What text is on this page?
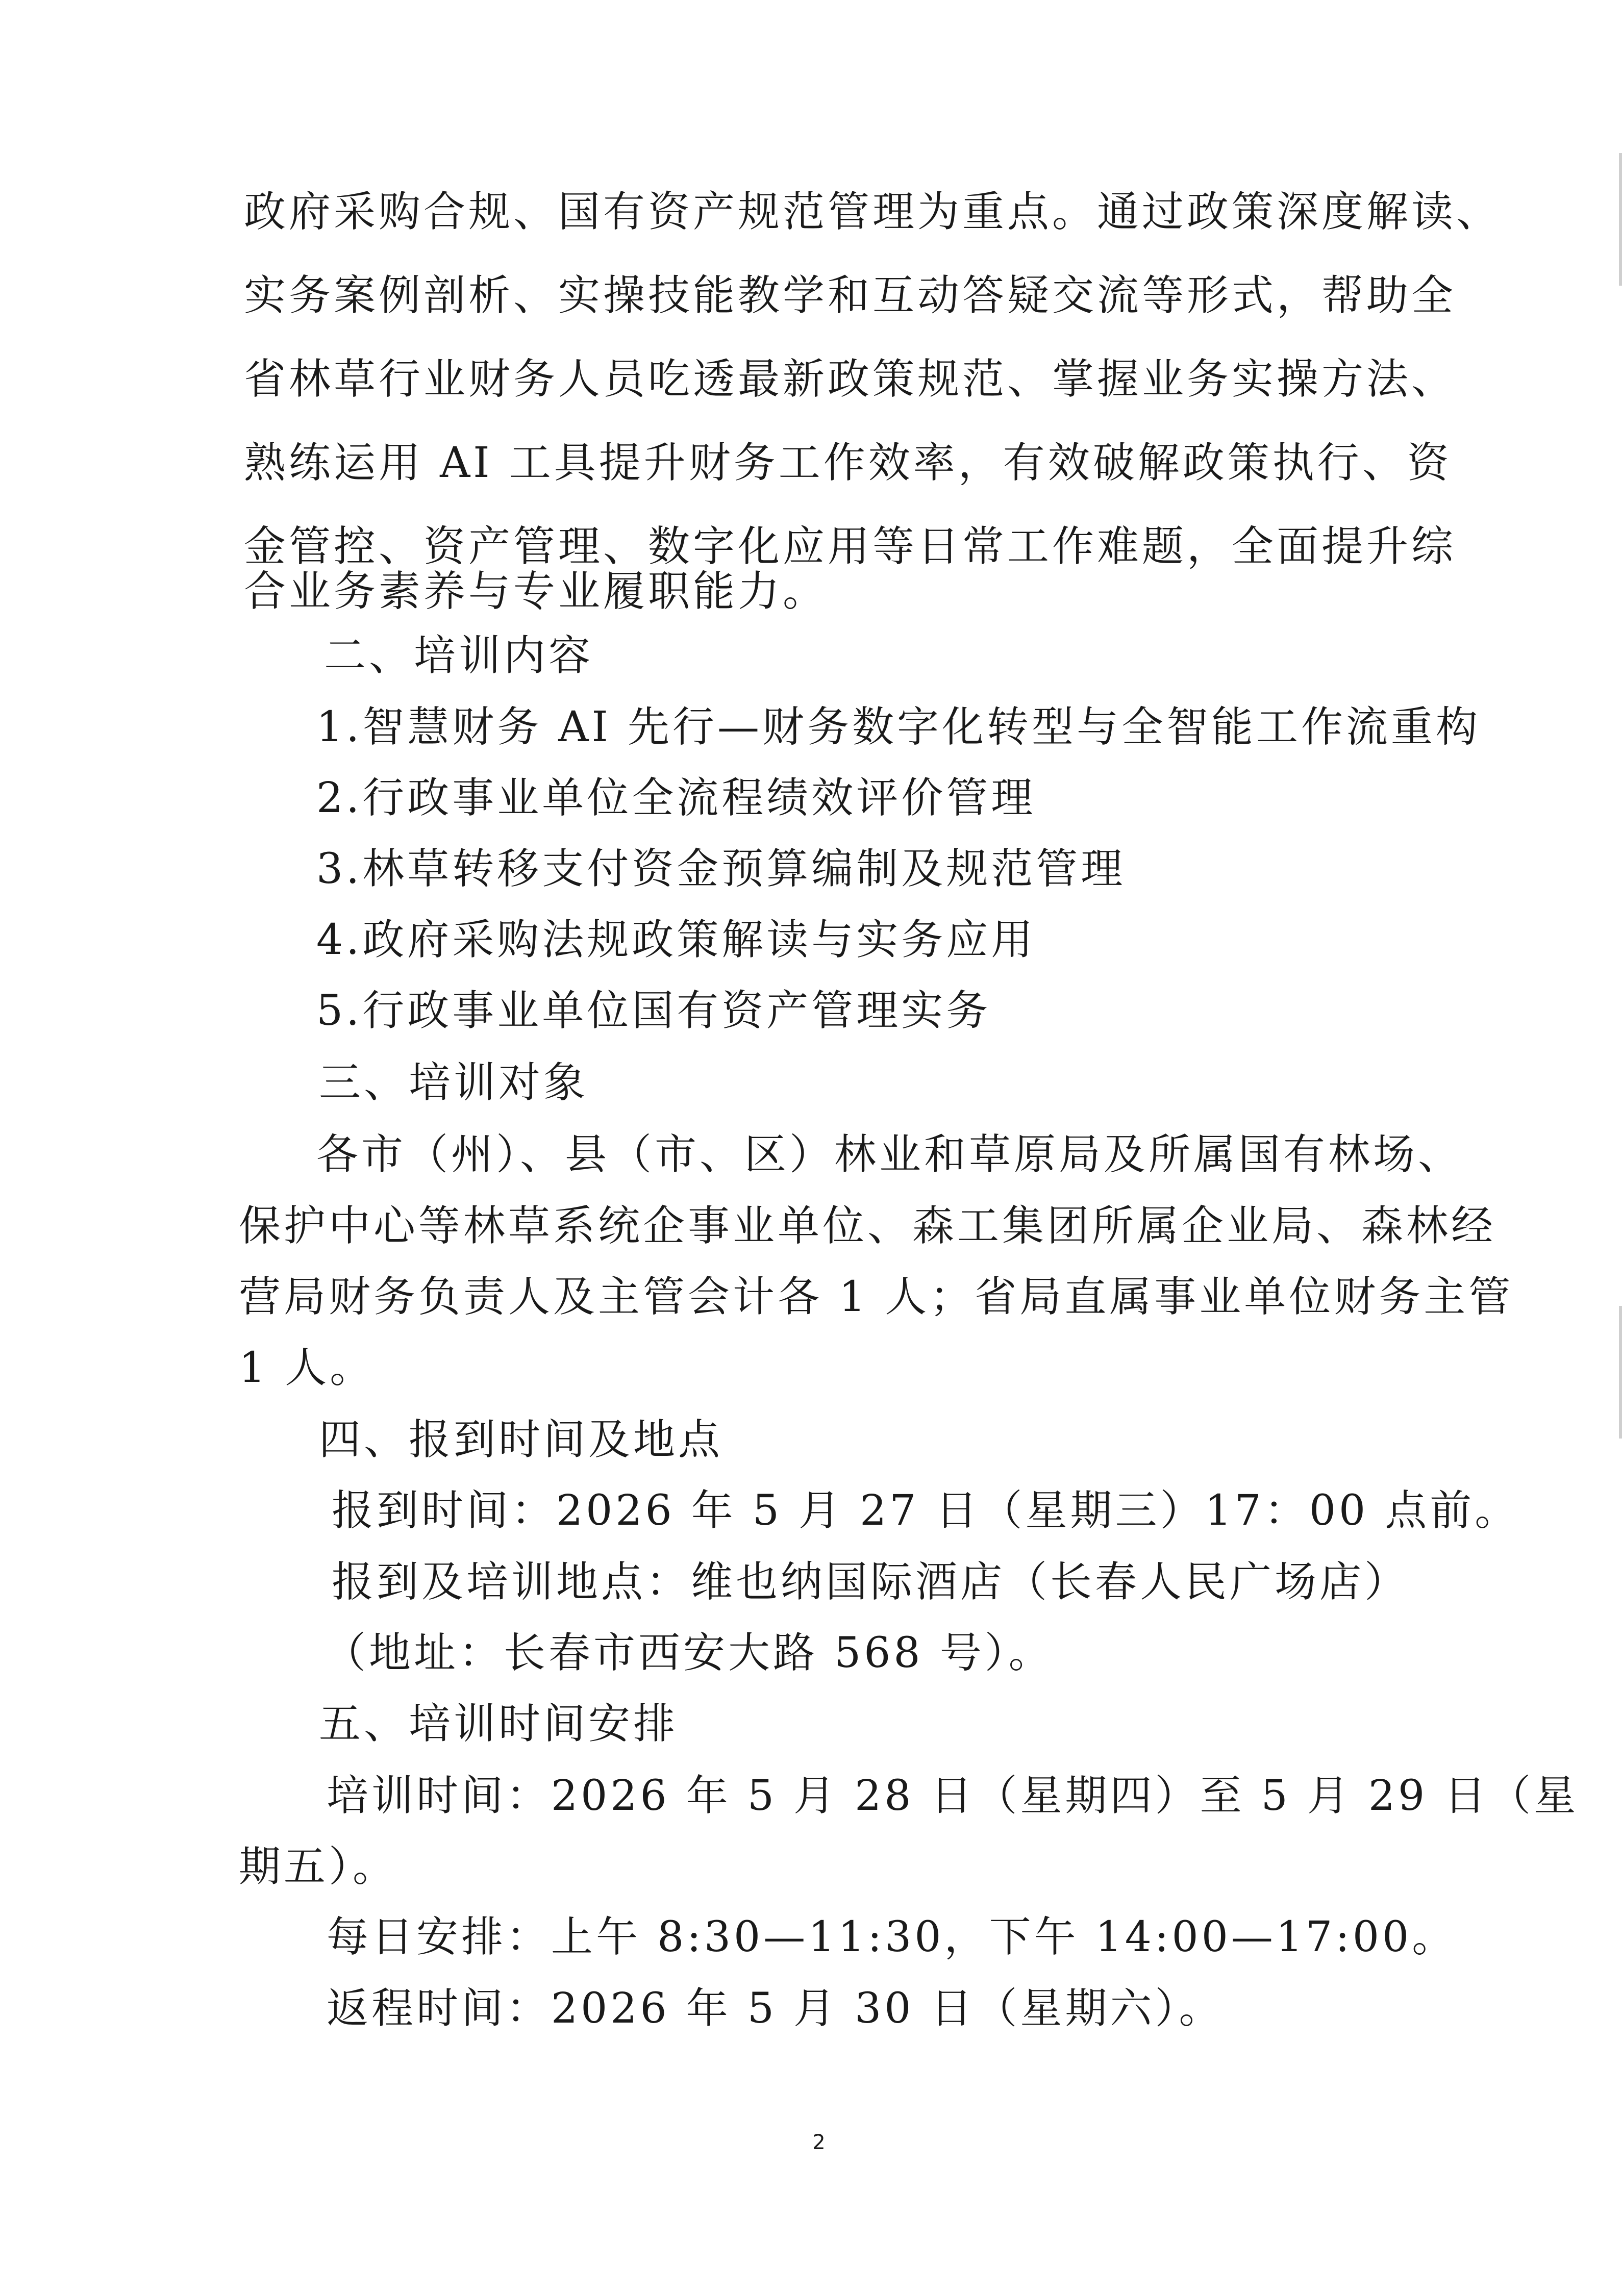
政府采购合规、国有资产规范管理为重点。通过政策深度解读、
实务案例剖析、实操技能教学和互动答疑交流等形式，帮助全
省林草行业财务人员吃透最新政策规范、掌握业务实操方法、
熟练运用 AI 工具提升财务工作效率，有效破解政策执行、资
金管控、资产管理、数字化应用等日常工作难题，全面提升综
合业务素养与专业履职能力。
二、培训内容
1.智慧财务 AI 先行—财务数字化转型与全智能工作流重构
2.行政事业单位全流程绩效评价管理
3.林草转移支付资金预算编制及规范管理
4.政府采购法规政策解读与实务应用
5.行政事业单位国有资产管理实务
三、培训对象
各市（州）、县（市、区）林业和草原局及所属国有林场、
保护中心等林草系统企事业单位、森工集团所属企业局、森林经
营局财务负责人及主管会计各 1 人；省局直属事业单位财务主管
1 人。
四、报到时间及地点
报到时间：2026 年 5 月 27 日（星期三）17：00 点前。
报到及培训地点：维也纳国际酒店（长春人民广场店）
（地址：长春市西安大路 568 号）。
五、培训时间安排
培训时间：2026 年 5 月 28 日（星期四）至 5 月 29 日（星
期五）。
每日安排：上午 8:30—11:30，下午 14:00—17:00。
返程时间：2026 年 5 月 30 日（星期六）。
2
